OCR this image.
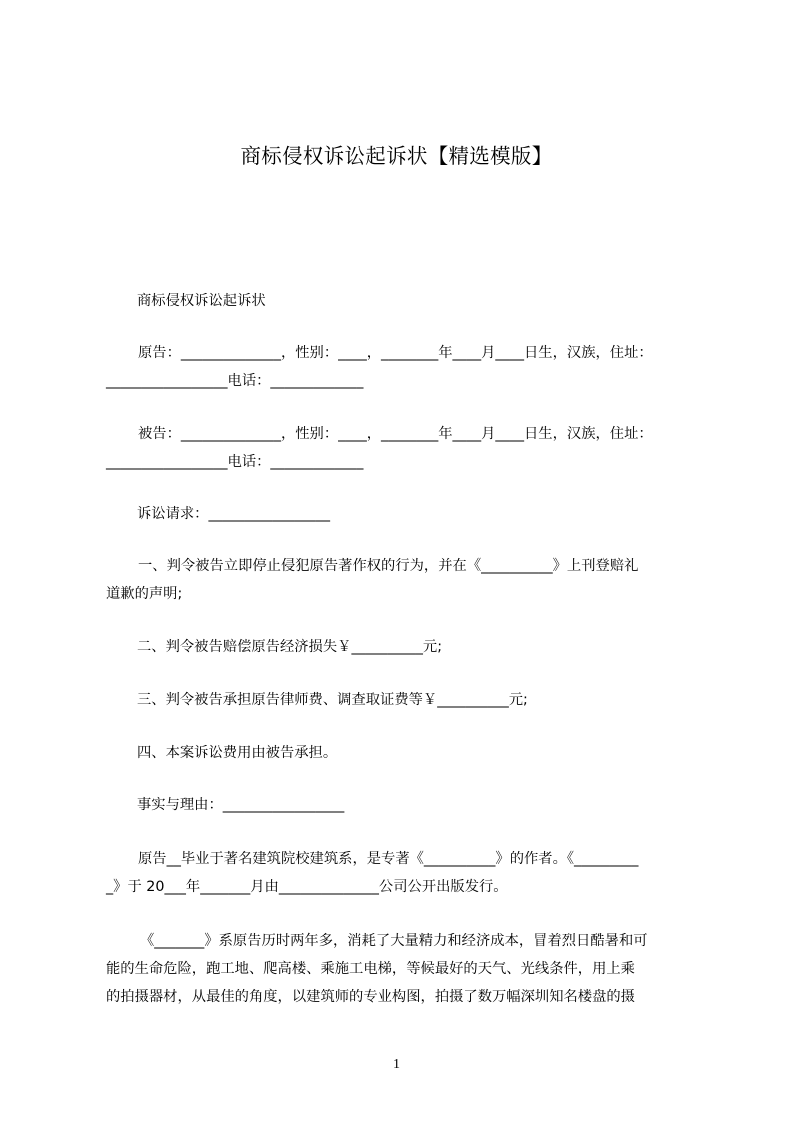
商标侵权诉讼起诉状【精选模版】
商标侵权诉讼起诉状
原告：______________，性别：____，________年____月____日生，汉族，住址：
_________________电话：_____________
被告：______________，性别：____，________年____月____日生，汉族，住址：
_________________电话：_____________
诉讼请求：_________________
一、判令被告立即停止侵犯原告著作权的行为，并在《__________》上刊登赔礼
道歉的声明;
二、判令被告赔偿原告经济损失￥__________元;
三、判令被告承担原告律师费、调查取证费等￥__________元;
四、本案诉讼费用由被告承担。
事实与理由：_________________
原告__毕业于著名建筑院校建筑系，是专著《__________》的作者。《_________
_》于 20___年_______月由______________公司公开出版发行。
《_______》系原告历时两年多，消耗了大量精力和经济成本，冒着烈日酷暑和可
能的生命危险，跑工地、爬高楼、乘施工电梯，等候最好的天气、光线条件，用上乘
的拍摄器材，从最佳的角度，以建筑师的专业构图，拍摄了数万幅深圳知名楼盘的摄
1
